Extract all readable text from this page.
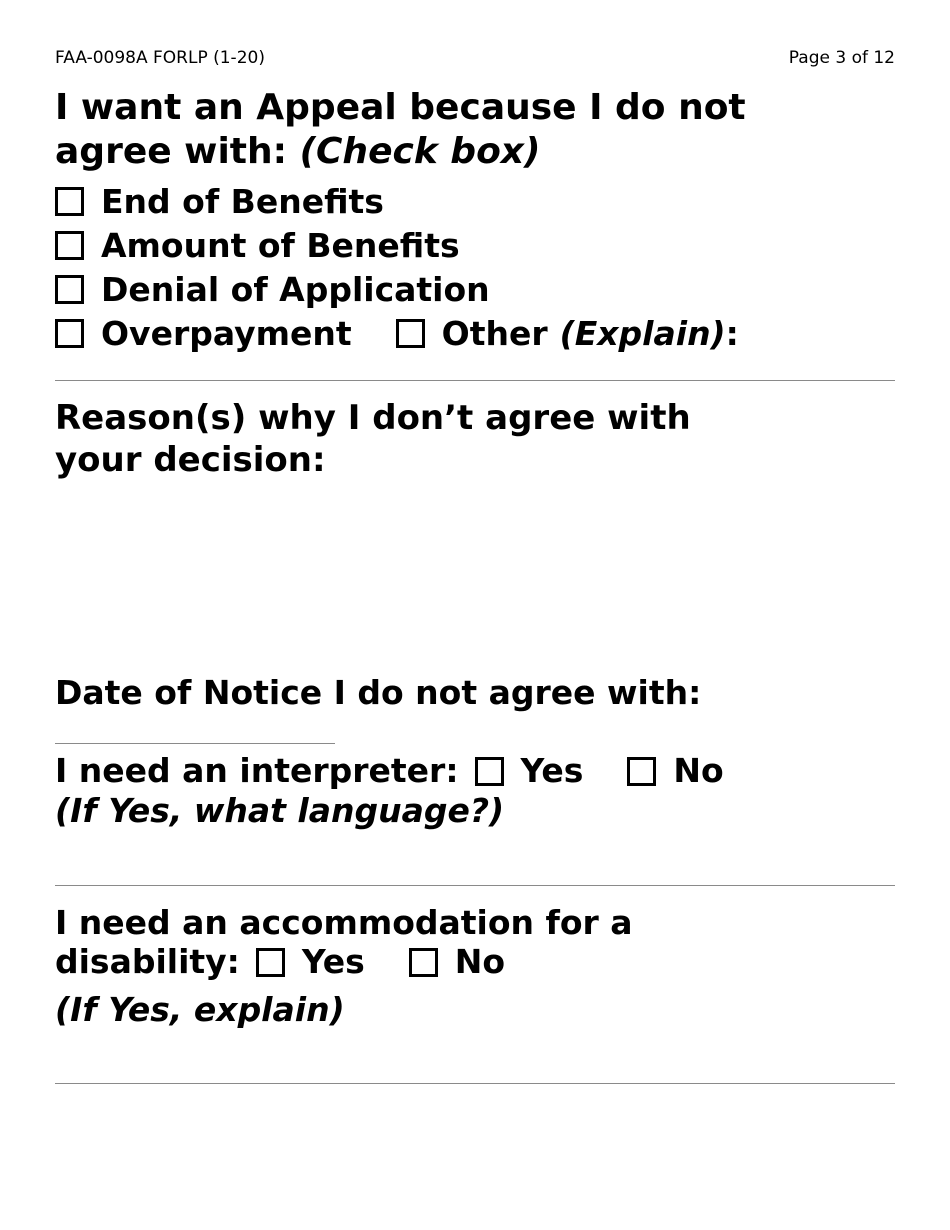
FAA-0098A FORLP (1-20)	Page 3 of 12
I want an Appeal because I do not
agree with: (Check box)
End of Benefits
Amount of Benefits
Denial of Application
Overpayment	Other (Explain) :
Reason(s) why I don’t agree with
your decision:
Date of Notice I do not agree with:
I need an interpreter: Yes	No
(If Yes, what language?)
I need an accommodation for a
disability: Yes	No
(If Yes, explain)
